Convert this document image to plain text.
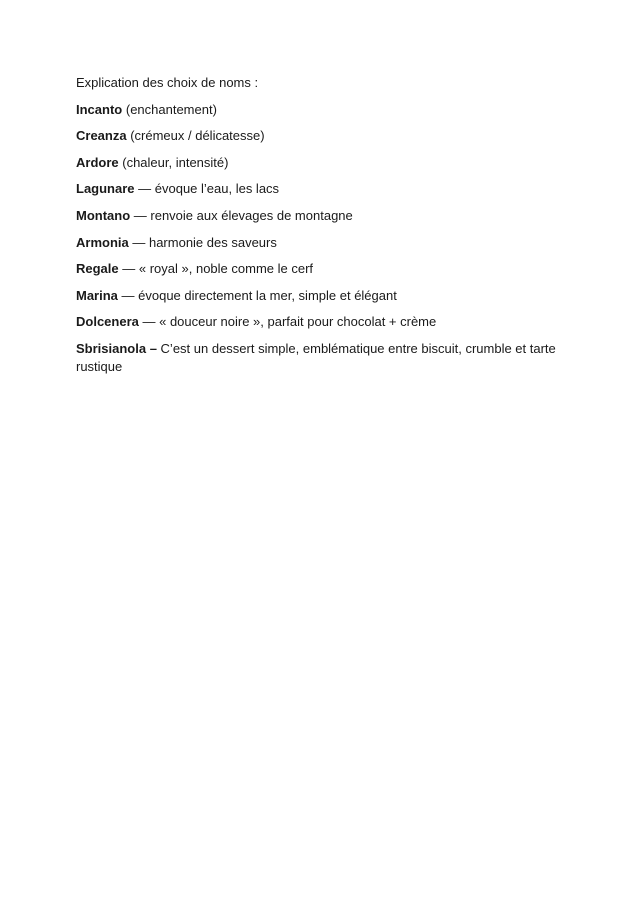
Explication des choix de noms :

Incanto (enchantement)

Creanza (crémeux / délicatesse)

Ardore (chaleur, intensité)

Lagunare — évoque l’eau, les lacs

Montano — renvoie aux élevages de montagne

Armonia — harmonie des saveurs

Regale — « royal », noble comme le cerf

Marina — évoque directement la mer, simple et élégant

Dolcenera — « douceur noire », parfait pour chocolat + crème

Sbrisianola – C’est un dessert simple, emblématique entre biscuit, crumble et tarte rustique
